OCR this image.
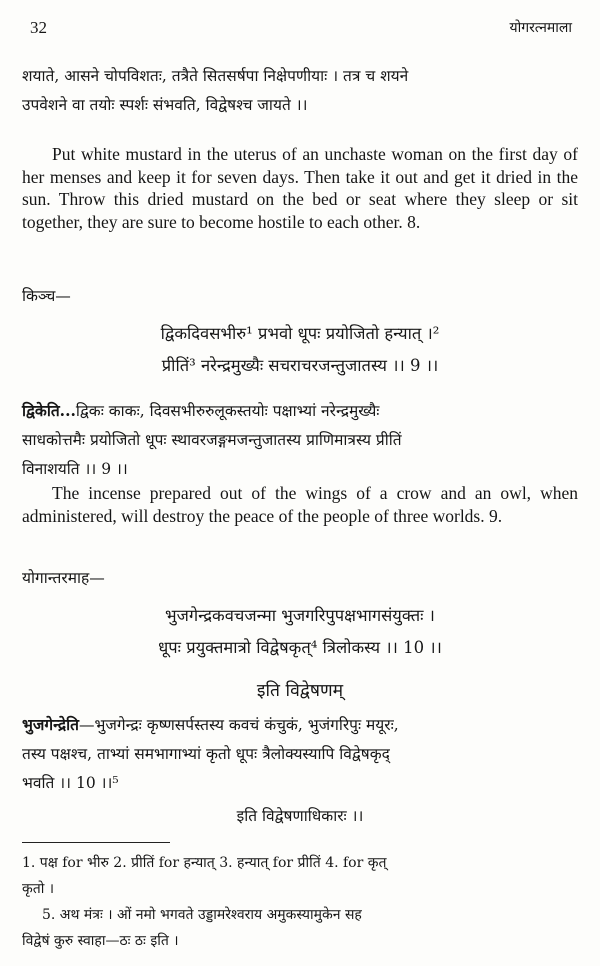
32	योगरत्नमाला
शयाते, आसने चोपविशतः, तत्रैते सितसर्षपा निक्षेपणीयाः । तत्र च शयने
उपवेशने वा तयोः स्पर्शः संभवति, विद्वेषश्च जायते ।।

Put white mustard in the uterus of an unchaste woman on the first day of her menses and keep it for seven days. Then take it out and get it dried in the sun. Throw this dried mustard on the bed or seat where they sleep or sit together, they are sure to become hostile to each other. 8.

किञ्च—
द्विकदिवसभीरु¹ प्रभवो धूपः प्रयोजितो हन्यात् ।²
प्रीतिं³ नरेन्द्रमुख्यैः सचराचरजन्तुजातस्य ।। 9 ।।
द्विकेति...द्विकः काकः, दिवसभीरुरुलूकस्तयोः पक्षाभ्यां नरेन्द्रमुख्यैः
साधकोत्तमैः प्रयोजितो धूपः स्थावरजङ्गमजन्तुजातस्य प्राणिमात्रस्य प्रीतिं
विनाशयति ।। 9 ।।

The incense prepared out of the wings of a crow and an owl, when administered, will destroy the peace of the people of three worlds. 9.

योगान्तरमाह—
भुजगेन्द्रकवचजन्मा भुजगरिपुपक्षभागसंयुक्तः ।
धूपः प्रयुक्तमात्रो विद्वेषकृत्⁴ त्रिलोकस्य ।। 10 ।।
इति विद्वेषणम्
भुजगेन्द्रेति—भुजगेन्द्रः कृष्णसर्पस्तस्य कवचं कंचुकं, भुजंगरिपुः मयूरः,
तस्य पक्षश्च, ताभ्यां समभागाभ्यां कृतो धूपः त्रैलोक्यस्यापि विद्वेषकृद्
भवति ।। 10 ।।⁵
इति विद्वेषणाधिकारः ।।
1. पक्ष for भीरु 2. प्रीतिं for हन्यात् 3. हन्यात् for प्रीतिं 4. for कृत्
कृतो ।
5. अथ मंत्रः । ओं नमो भगवते उड्डामरेश्वराय अमुकस्यामुकेन सह
विद्वेषं कुरु स्वाहा—ठः ठः इति ।
